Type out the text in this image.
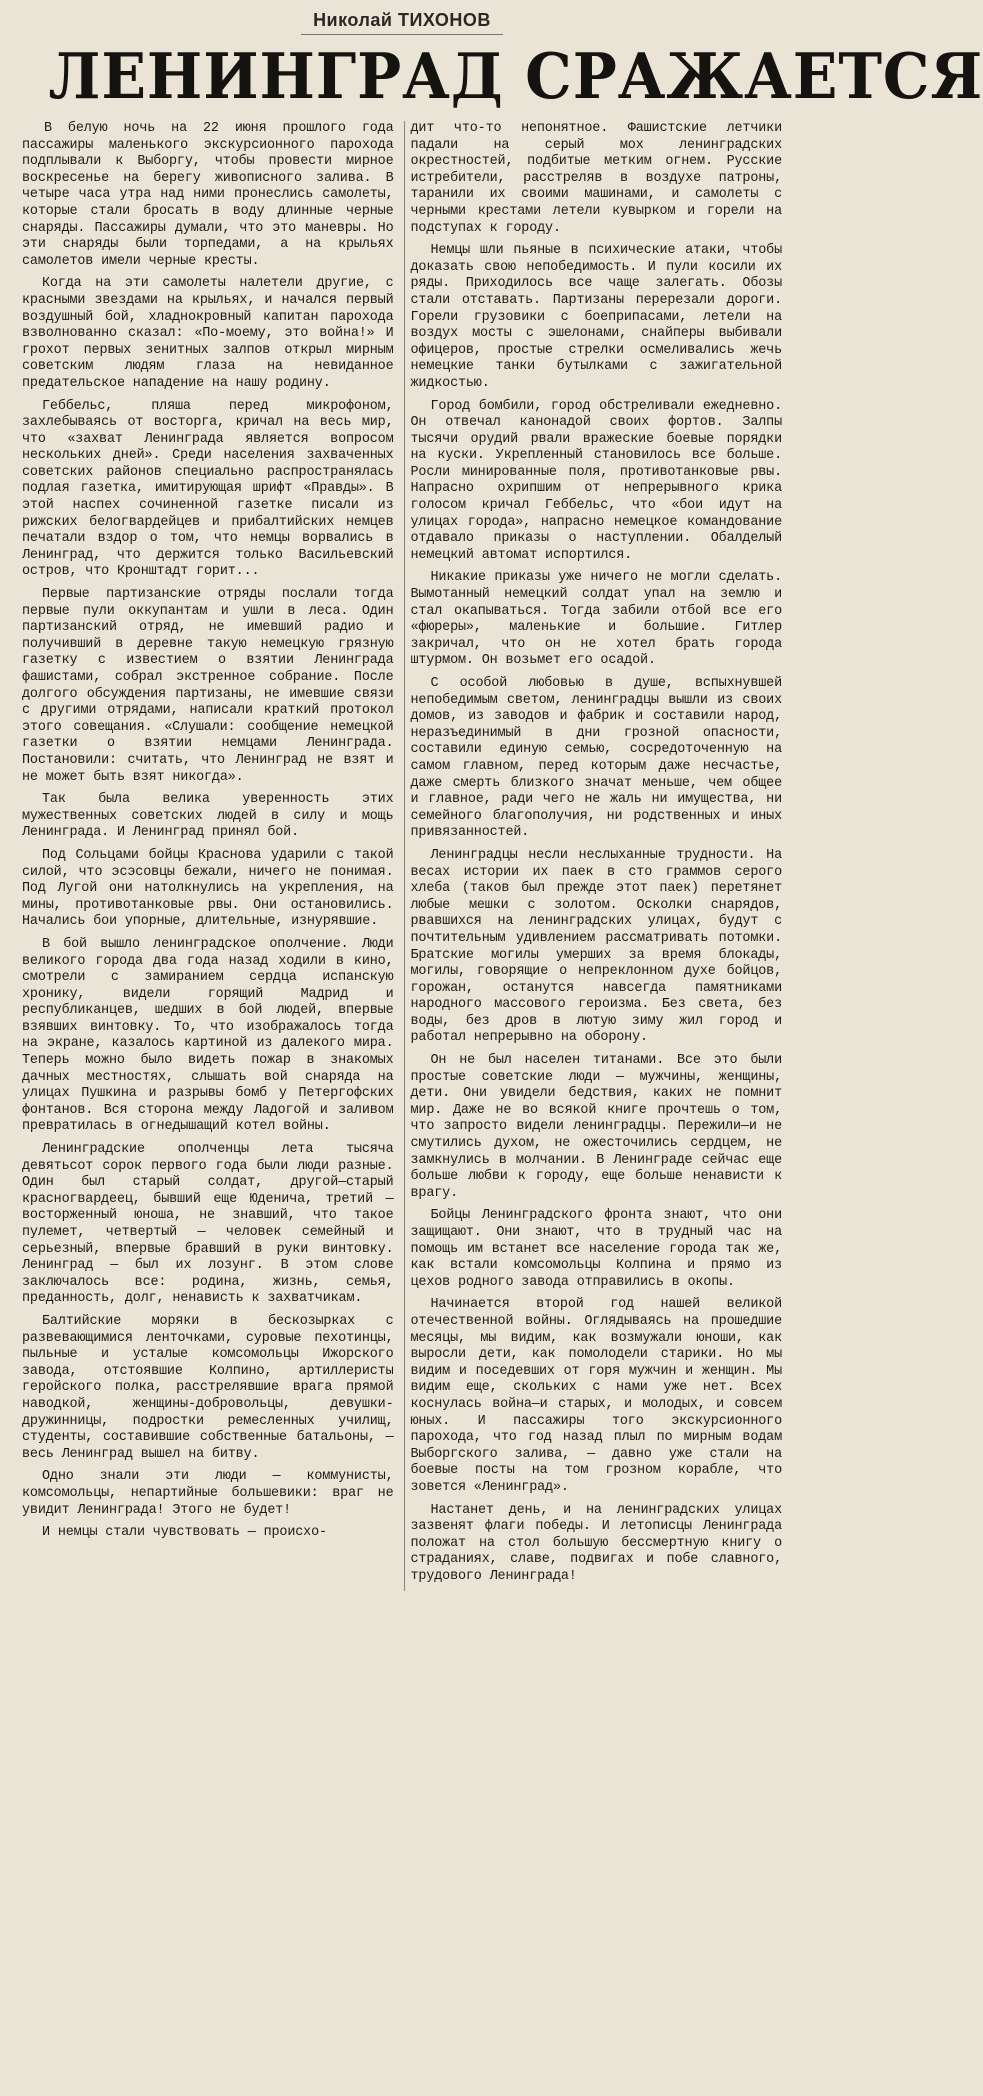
Николай ТИХОНОВ
ЛЕНИНГРАД СРАЖАЕТСЯ

В белую ночь на 22 июня прошлого года пассажиры маленького экскурсионного парохода подплывали к Выборгу, чтобы провести мирное воскресенье на берегу живописного залива. В четыре часа утра над ними пронеслись самолеты, которые стали бросать в воду длинные черные снаряды. Пассажиры думали, что это маневры. Но эти снаряды были торпедами, а на крыльях самолетов имели черные кресты.

Когда на эти самолеты налетели другие, с красными звездами на крыльях, и начался первый воздушный бой, хладнокровный капитан парохода взволнованно сказал: «По-моему, это война!» И грохот первых зенитных залпов открыл мирным советским людям глаза на невиданное предательское нападение на нашу родину.

Геббельс, пляша перед микрофоном, захлебываясь от восторга, кричал на весь мир, что «захват Ленинграда является вопросом нескольких дней». Среди населения захваченных советских районов специально распространялась подлая газетка, имитирующая шрифт «Правды». В этой наспех сочиненной газетке писали из рижских белогвардейцев и прибалтийских немцев печатали вздор о том, что немцы ворвались в Ленинград, что держится только Васильевский остров, что Кронштадт горит...

Первые партизанские отряды послали тогда первые пули оккупантам и ушли в леса. Один партизанский отряд, не имевший радио и получивший в деревне такую немецкую грязную газетку с известием о взятии Ленинграда фашистами, собрал экстренное собрание. После долгого обсуждения партизаны, не имевшие связи с другими отрядами, написали краткий протокол этого совещания. «Слушали: сообщение немецкой газетки о взятии немцами Ленинграда. Постановили: считать, что Ленинград не взят и не может быть взят никогда».

Так была велика уверенность этих мужественных советских людей в силу и мощь Ленинграда. И Ленинград принял бой.

Под Сольцами бойцы Краснова ударили с такой силой, что эсэсовцы бежали, ничего не понимая. Под Лугой они натолкнулись на укрепления, на мины, противотанковые рвы. Они остановились. Начались бои упорные, длительные, изнурявшие.

В бой вышло ленинградское ополчение. Люди великого города два года назад ходили в кино, смотрели с замиранием сердца испанскую хронику, видели горящий Мадрид и республиканцев, шедших в бой людей, впервые взявших винтовку. То, что изображалось тогда на экране, казалось картиной из далекого мира. Теперь можно было видеть пожар в знакомых дачных местностях, слышать вой снаряда на улицах Пушкина и разрывы бомб у Петергофских фонтанов. Вся сторона между Ладогой и заливом превратилась в огнедышащий котел войны.

Ленинградские ополченцы лета тысяча девятьсот сорок первого года были люди разные. Один был старый солдат, другой—старый красногвардеец, бывший еще Юденича, третий — восторженный юноша, не знавший, что такое пулемет, четвертый — человек семейный и серьезный, впервые бравший в руки винтовку. Ленинград — был их лозунг. В этом слове заключалось все: родина, жизнь, семья, преданность, долг, ненависть к захватчикам.

Балтийские моряки в бескозырках с развевающимися ленточками, суровые пехотинцы, пыльные и усталые комсомольцы Ижорского завода, отстоявшие Колпино, артиллеристы геройского полка, расстрелявшие врага прямой наводкой, женщины-добровольцы, девушки-дружинницы, подростки ремесленных училищ, студенты, составившие собственные батальоны, — весь Ленинград вышел на битву.

Одно знали эти люди — коммунисты, комсомольцы, непартийные большевики: враг не увидит Ленинграда! Этого не будет!

И немцы стали чувствовать — происхо-

дит что-то непонятное. Фашистские летчики падали на серый мох ленинградских окрестностей, подбитые метким огнем. Русские истребители, расстреляв в воздухе патроны, таранили их своими машинами, и самолеты с черными крестами летели кувырком и горели на подступах к городу.

Немцы шли пьяные в психические атаки, чтобы доказать свою непобедимость. И пули косили их ряды. Приходилось все чаще залегать. Обозы стали отставать. Партизаны перерезали дороги. Горели грузовики с боеприпасами, летели на воздух мосты с эшелонами, снайперы выбивали офицеров, простые стрелки осмеливались жечь немецкие танки бутылками с зажигательной жидкостью.

Город бомбили, город обстреливали ежедневно. Он отвечал канонадой своих фортов. Залпы тысячи орудий рвали вражеские боевые порядки на куски. Укрепленный становилось все больше. Росли минированные поля, противотанковые рвы. Напрасно охрипшим от непрерывного крика голосом кричал Геббельс, что «бои идут на улицах города», напрасно немецкое командование отдавало приказы о наступлении. Обалделый немецкий автомат испортился.

Никакие приказы уже ничего не могли сделать. Вымотанный немецкий солдат упал на землю и стал окапываться. Тогда забили отбой все его «фюреры», маленькие и большие. Гитлер закричал, что он не хотел брать города штурмом. Он возьмет его осадой.

С особой любовью в душе, вспыхнувшей непобедимым светом, ленинградцы вышли из своих домов, из заводов и фабрик и составили народ, неразъединимый в дни грозной опасности, составили единую семью, сосредоточенную на самом главном, перед которым даже несчастье, даже смерть близкого значат меньше, чем общее и главное, ради чего не жаль ни имущества, ни семейного благополучия, ни родственных и иных привязанностей.

Ленинградцы несли неслыханные трудности. На весах истории их паек в сто граммов серого хлеба (таков был прежде этот паек) перетянет любые мешки с золотом. Осколки снарядов, рвавшихся на ленинградских улицах, будут с почтительным удивлением рассматривать потомки. Братские могилы умерших за время блокады, могилы, говорящие о непреклонном духе бойцов, горожан, останутся навсегда памятниками народного массового героизма. Без света, без воды, без дров в лютую зиму жил город и работал непрерывно на оборону.

Он не был населен титанами. Все это были простые советские люди — мужчины, женщины, дети. Они увидели бедствия, каких не помнит мир. Даже не во всякой книге прочтешь о том, что запросто видели ленинградцы. Пережили—и не смутились духом, не ожесточились сердцем, не замкнулись в молчании. В Ленинграде сейчас еще больше любви к городу, еще больше ненависти к врагу.

Бойцы Ленинградского фронта знают, что они защищают. Они знают, что в трудный час на помощь им встанет все население города так же, как встали комсомольцы Колпина и прямо из цехов родного завода отправились в окопы.

Начинается второй год нашей великой отечественной войны. Оглядываясь на прошедшие месяцы, мы видим, как возмужали юноши, как выросли дети, как помолодели старики. Но мы видим и поседевших от горя мужчин и женщин. Мы видим еще, скольких с нами уже нет. Всех коснулась война—и старых, и молодых, и совсем юных. И пассажиры того экскурсионного парохода, что год назад плыл по мирным водам Выборгского залива, — давно уже стали на боевые посты на том грозном корабле, что зовется «Ленинград».

Настанет день, и на ленинградских улицах зазвенят флаги победы. И летописцы Ленинграда положат на стол большую бессмертную книгу о страданиях, славе, подвигах и побе славного, трудового Ленинграда!
